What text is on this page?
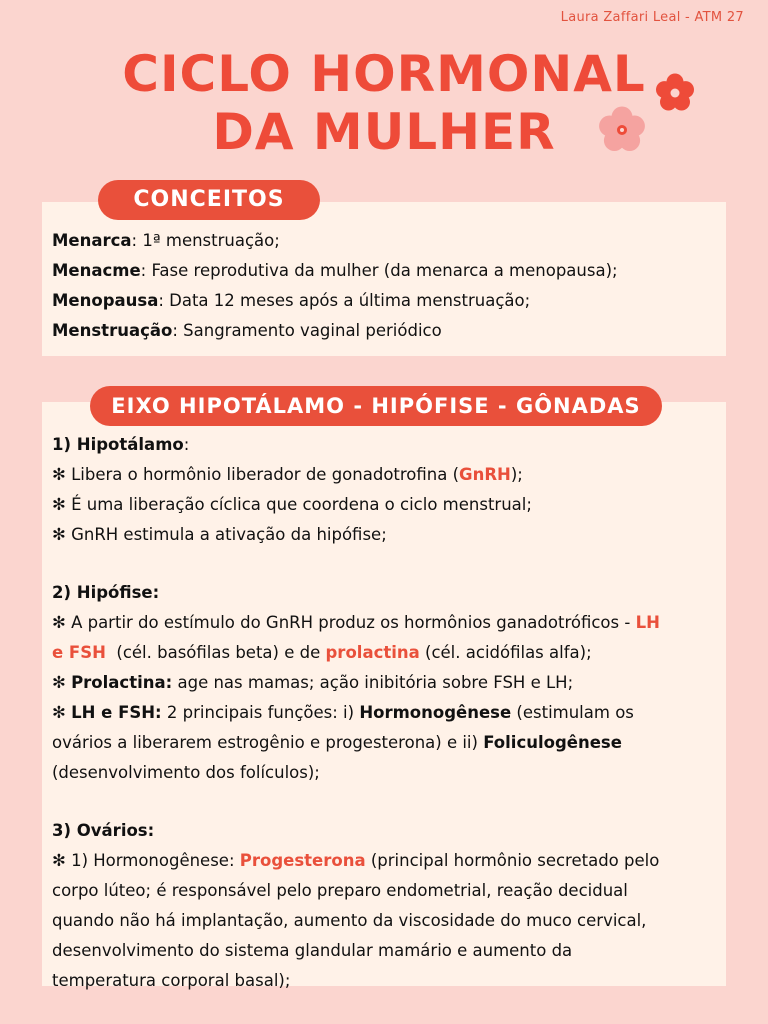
Laura Zaffari Leal - ATM 27
CICLO HORMONAL
DA MULHER
CONCEITOS
Menarca: 1ª menstruação;
Menacme: Fase reprodutiva da mulher (da menarca a menopausa);
Menopausa: Data 12 meses após a última menstruação;
Menstruação: Sangramento vaginal periódico
EIXO HIPOTÁLAMO - HIPÓFISE - GÔNADAS
1) Hipotálamo:
✻ Libera o hormônio liberador de gonadotrofina (GnRH);
✻ É uma liberação cíclica que coordena o ciclo menstrual;
✻ GnRH estimula a ativação da hipófise;
2) Hipófise:
✻ A partir do estímulo do GnRH produz os hormônios ganadotróficos - LH
e FSH  (cél. basófilas beta) e de prolactina (cél. acidófilas alfa);
✻ Prolactina: age nas mamas; ação inibitória sobre FSH e LH;
✻ LH e FSH: 2 principais funções: i) Hormonogênese (estimulam os
ovários a liberarem estrogênio e progesterona) e ii) Foliculogênese
(desenvolvimento dos folículos);
3) Ovários:
✻ 1) Hormonogênese: Progesterona (principal hormônio secretado pelo
corpo lúteo; é responsável pelo preparo endometrial, reação decidual
quando não há implantação, aumento da viscosidade do muco cervical,
desenvolvimento do sistema glandular mamário e aumento da
temperatura corporal basal);
